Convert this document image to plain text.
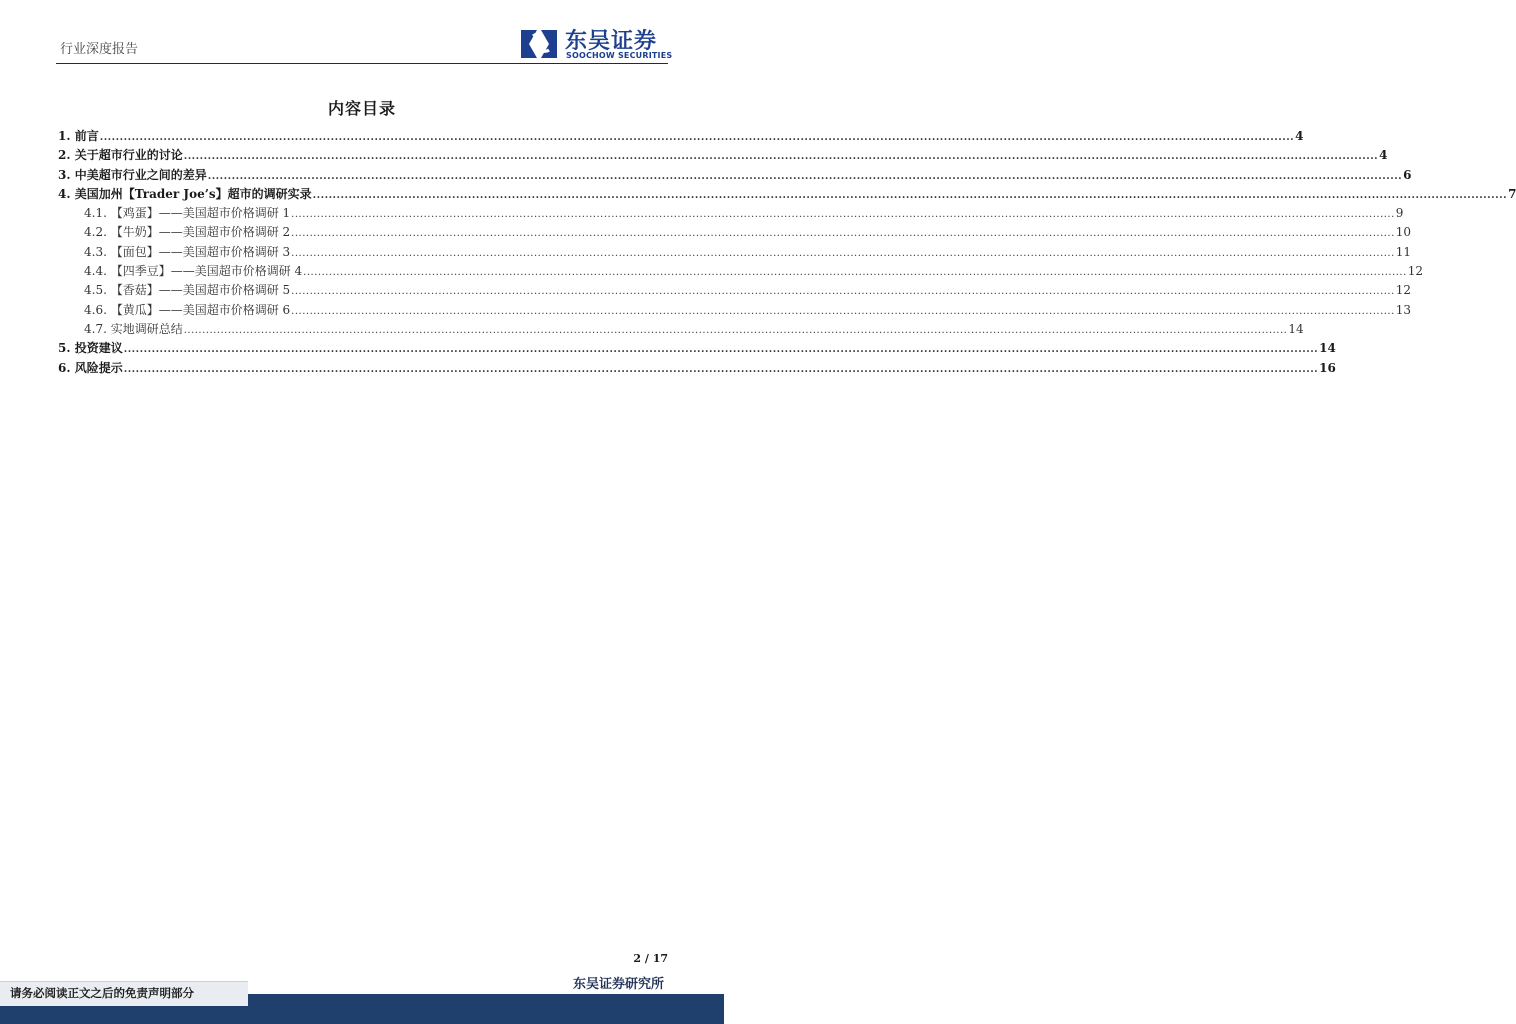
行业深度报告	东吴证券
SOOCHOW SECURITIES
内容目录
1. 前言 ............................................................................................................................................................................................................................................................................................................ 4
2. 关于超市行业的讨论 ............................................................................................................................................................................................................................................................................................................ 4
3. 中美超市行业之间的差异 ............................................................................................................................................................................................................................................................................................................ 6
4. 美国加州【Trader Joe’s】超市的调研实录 ............................................................................................................................................................................................................................................................................................................ 7
4.1. 【鸡蛋】——美国超市价格调研 1 ............................................................................................................................................................................................................................................................................................................ 9
4.2. 【牛奶】——美国超市价格调研 2 ............................................................................................................................................................................................................................................................................................................ 10
4.3. 【面包】——美国超市价格调研 3 ............................................................................................................................................................................................................................................................................................................ 11
4.4. 【四季豆】——美国超市价格调研 4 ............................................................................................................................................................................................................................................................................................................ 12
4.5. 【香菇】——美国超市价格调研 5 ............................................................................................................................................................................................................................................................................................................ 12
4.6. 【黄瓜】——美国超市价格调研 6 ............................................................................................................................................................................................................................................................................................................ 13
4.7. 实地调研总结 ............................................................................................................................................................................................................................................................................................................ 14
5. 投资建议 ............................................................................................................................................................................................................................................................................................................ 14
6. 风险提示 ............................................................................................................................................................................................................................................................................................................ 16
2 / 17
东吴证券研究所
请务必阅读正文之后的免责声明部分
